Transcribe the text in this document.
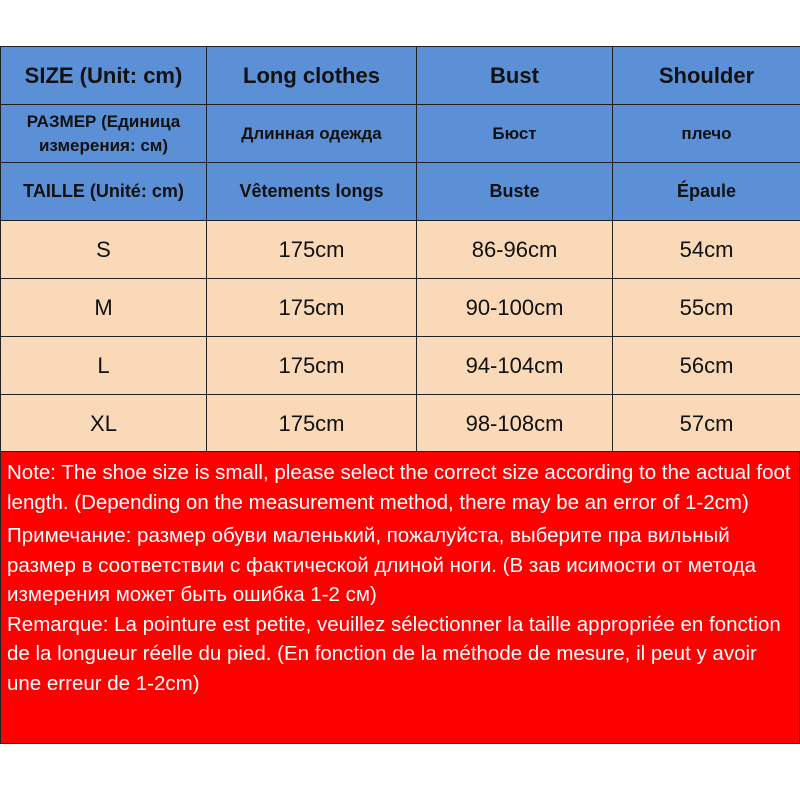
SIZE (Unit: cm)	Long clothes	Bust	Shoulder
РАЗМЕР (Единица измерения: см)	Длинная одежда	Бюст	плечо
TAILLE (Unité: cm)	Vêtements longs	Buste	Épaule
S	175cm	86-96cm	54cm
M	175cm	90-100cm	55cm
L	175cm	94-104cm	56cm
XL	175cm	98-108cm	57cm

Note: The shoe size is small, please select the correct size according to the actual foot length. (Depending on the measurement method, there may be an error of 1-2cm)

Примечание: размер обуви маленький, пожалуйста, выберите пра вильный размер в соответствии с фактической длиной ноги. (В зав исимости от метода измерения может быть ошибка 1-2 см)

Remarque: La pointure est petite, veuillez sélectionner la taille appropriée en fonction de la longueur réelle du pied. (En fonction de la méthode de mesure, il peut y avoir une erreur de 1-2cm)
